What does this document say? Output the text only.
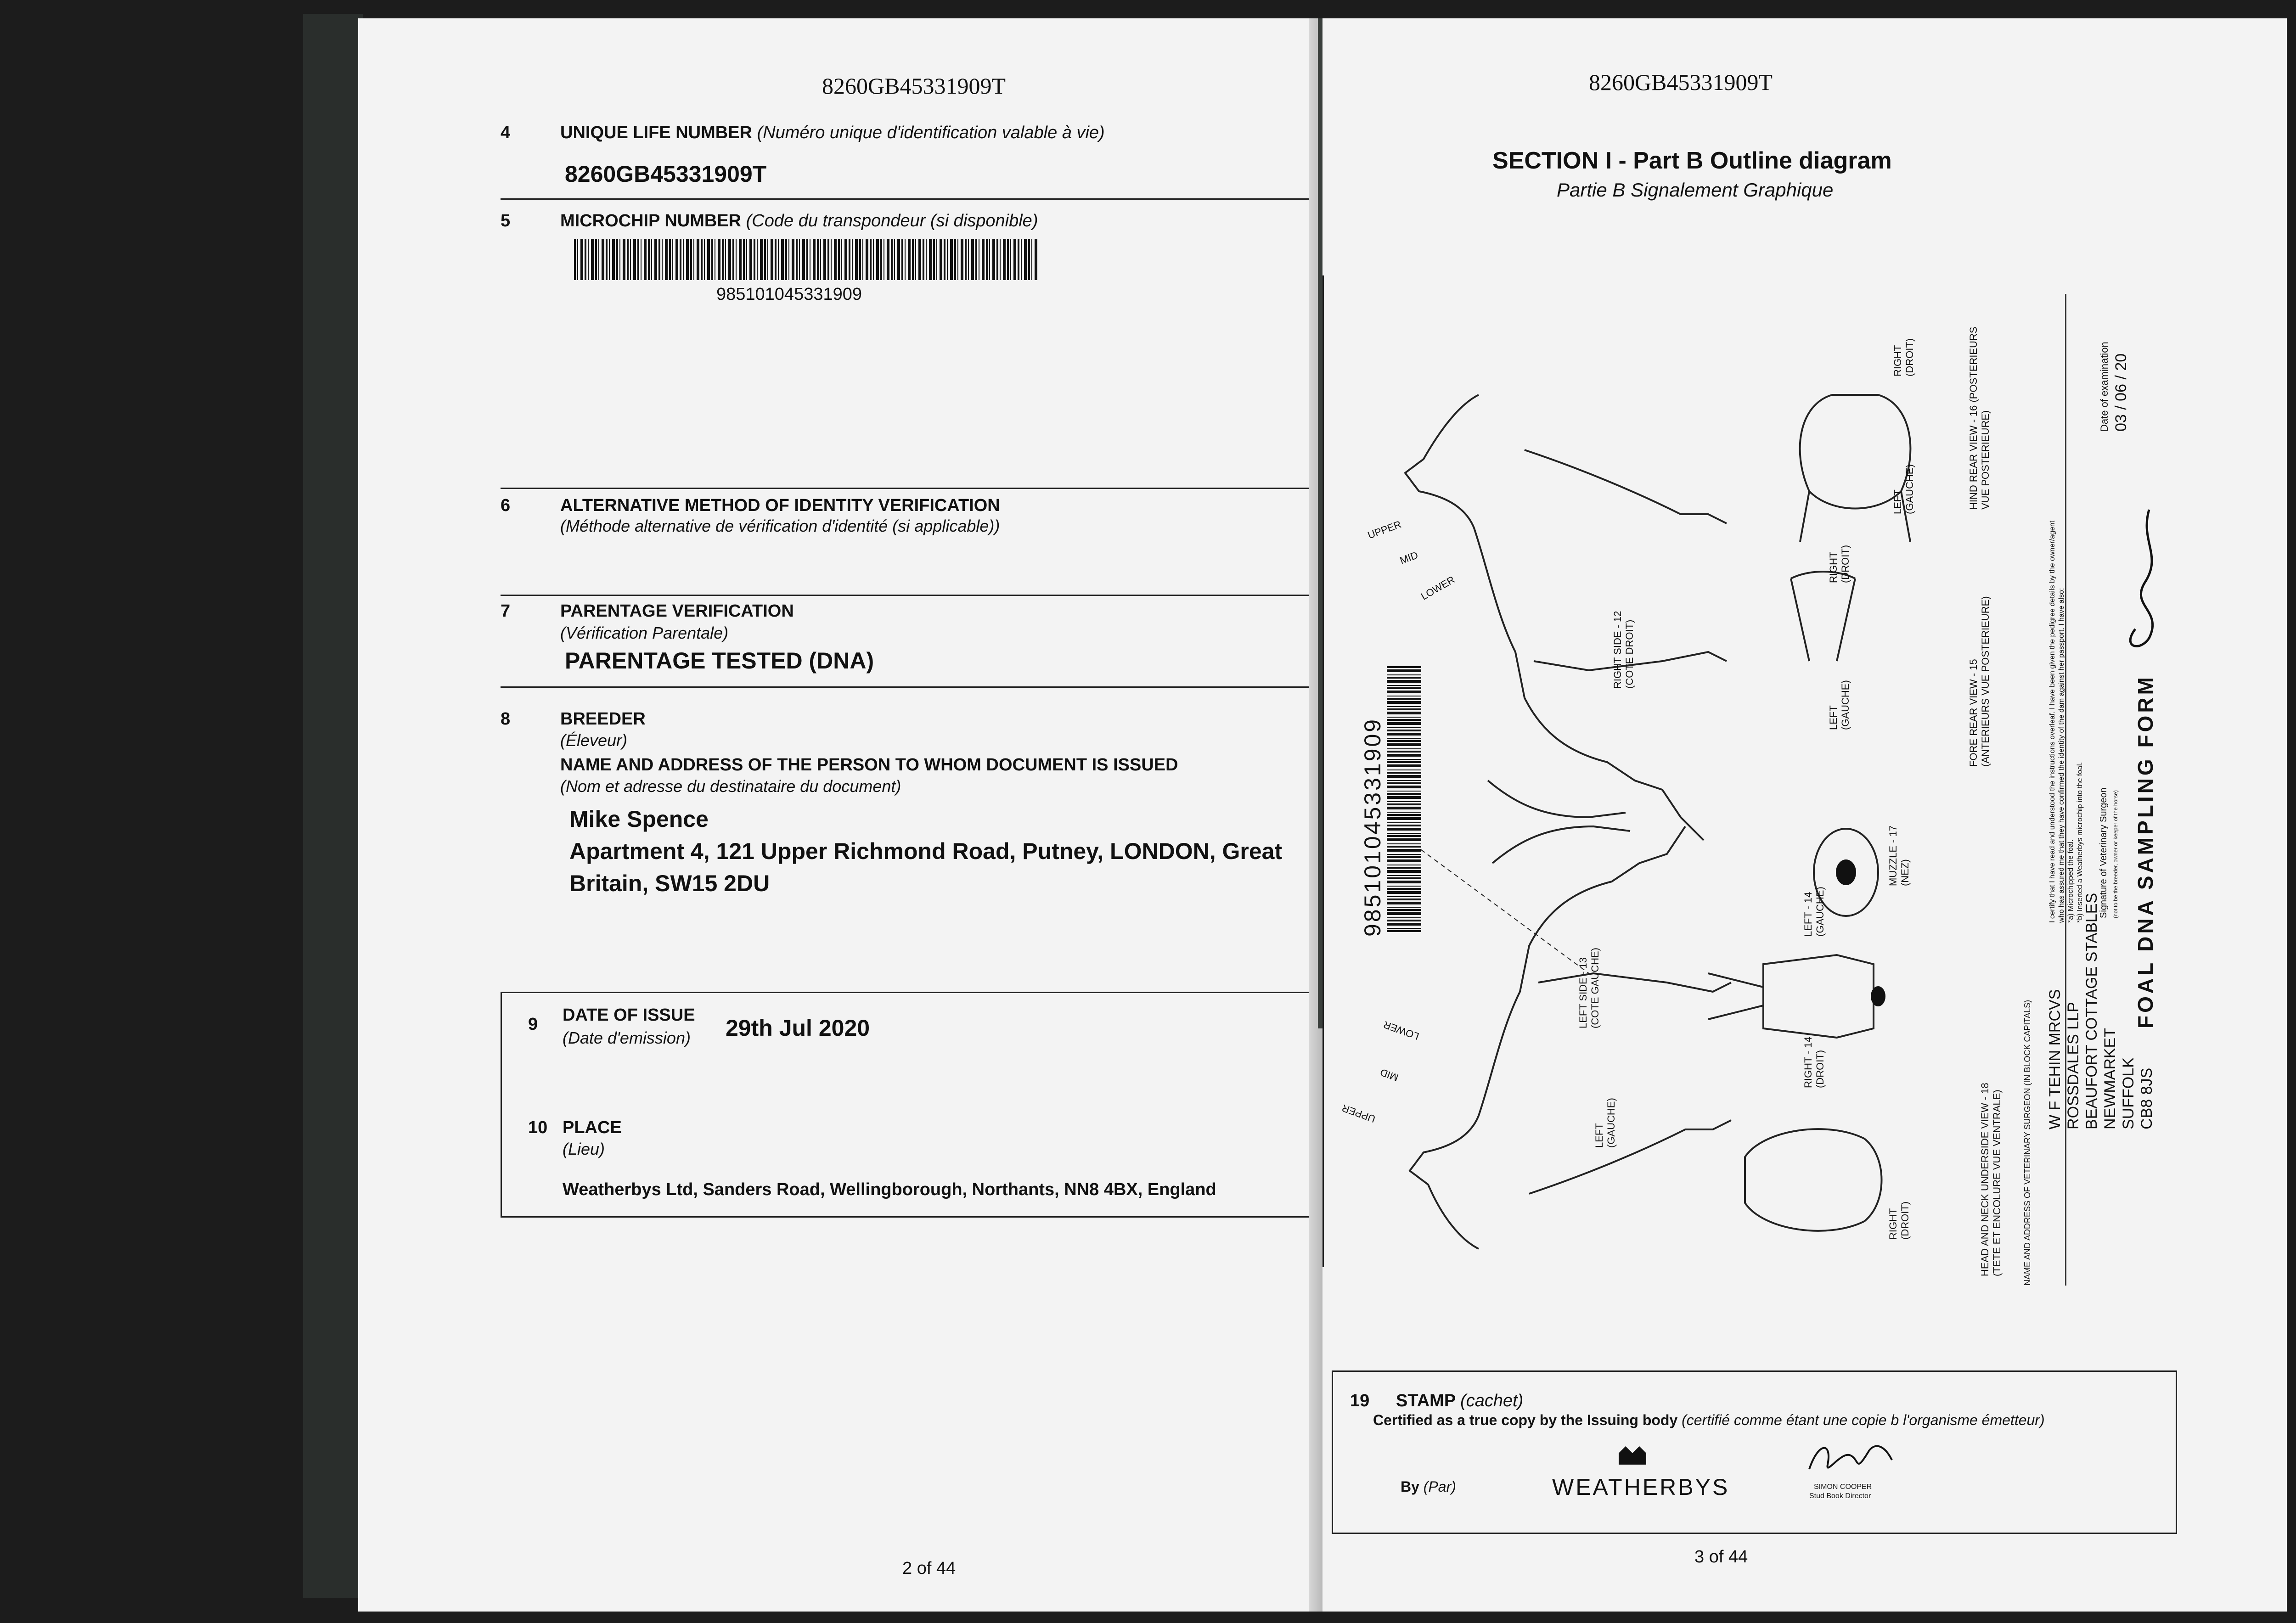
8260GB45331909T
4	UNIQUE LIFE NUMBER (Numéro unique d'identification valable à vie)
8260GB45331909T
5	MICROCHIP NUMBER (Code du transpondeur (si disponible)
985101045331909
6	ALTERNATIVE METHOD OF IDENTITY VERIFICATION
(Méthode alternative de vérification d'identité (si applicable))
7	PARENTAGE VERIFICATION
(Vérification Parentale)
PARENTAGE TESTED (DNA)
8	BREEDER
(Éleveur)
NAME AND ADDRESS OF THE PERSON TO WHOM DOCUMENT IS ISSUED
(Nom et adresse du destinataire du document)
Mike Spence
Apartment 4, 121 Upper Richmond Road, Putney, LONDON, Great
Britain, SW15 2DU
9 DATE OF ISSUE
(Date d'emission) 29th Jul 2020
10 PLACE
(Lieu)
Weatherbys Ltd, Sanders Road, Wellingborough, Northants, NN8 4BX, England
2 of 44
8260GB45331909T
SECTION I - Part B Outline diagram
Partie B Signalement Graphique
UPPER
MID
LOWER
LOWER
MID
UPPER
RIGHT SIDE - 12 (COTE DROIT)
LEFT SIDE - 13 (COTE GAUCHE)
RIGHT - 14 (DROIT)
LEFT - 14 (GAUCHE)
FORE REAR VIEW - 15 (ANTERIEURS VUE POSTERIEURE)
HIND REAR VIEW - 16 (POSTERIEURS VUE POSTERIEURE)
MUZZLE - 17 (NEZ)
HEAD AND NECK UNDERSIDE VIEW - 18 (TETE ET ENCOLURE VUE VENTRALE)
RIGHT (DROIT)
LEFT (GAUCHE)
RIGHT (DROIT)
LEFT (GAUCHE)
RIGHT (DROIT)
LEFT (GAUCHE)
985101045331909
NAME AND ADDRESS OF VETERINARY SURGEON (IN BLOCK CAPITALS) W F TEHIN MRCVS ROSSDALES LLP BEAUFORT COTTAGE STABLES NEWMARKET SUFFOLK CB8 8JS
I certify that I have read and understood the instructions overleaf. I have been given the pedigree details by the owner/agent who has assured me that they have confirmed the identity of the dam against her passport. I have also: *a) Microchipped the foal. *b) Inserted a Weatherbys microchip into the foal. Signature of Veterinary Surgeon (not to be the breeder, owner or keeper of the horse)
Date of examination 03 / 06 / 20
FOAL DNA SAMPLING FORM
19 STAMP (cachet)
Certified as a true copy by the Issuing body (certifié comme étant une copie b l'organisme émetteur)
By (Par)	WEATHERBYS	SIMON COOPER
Stud Book Director
3 of 44
